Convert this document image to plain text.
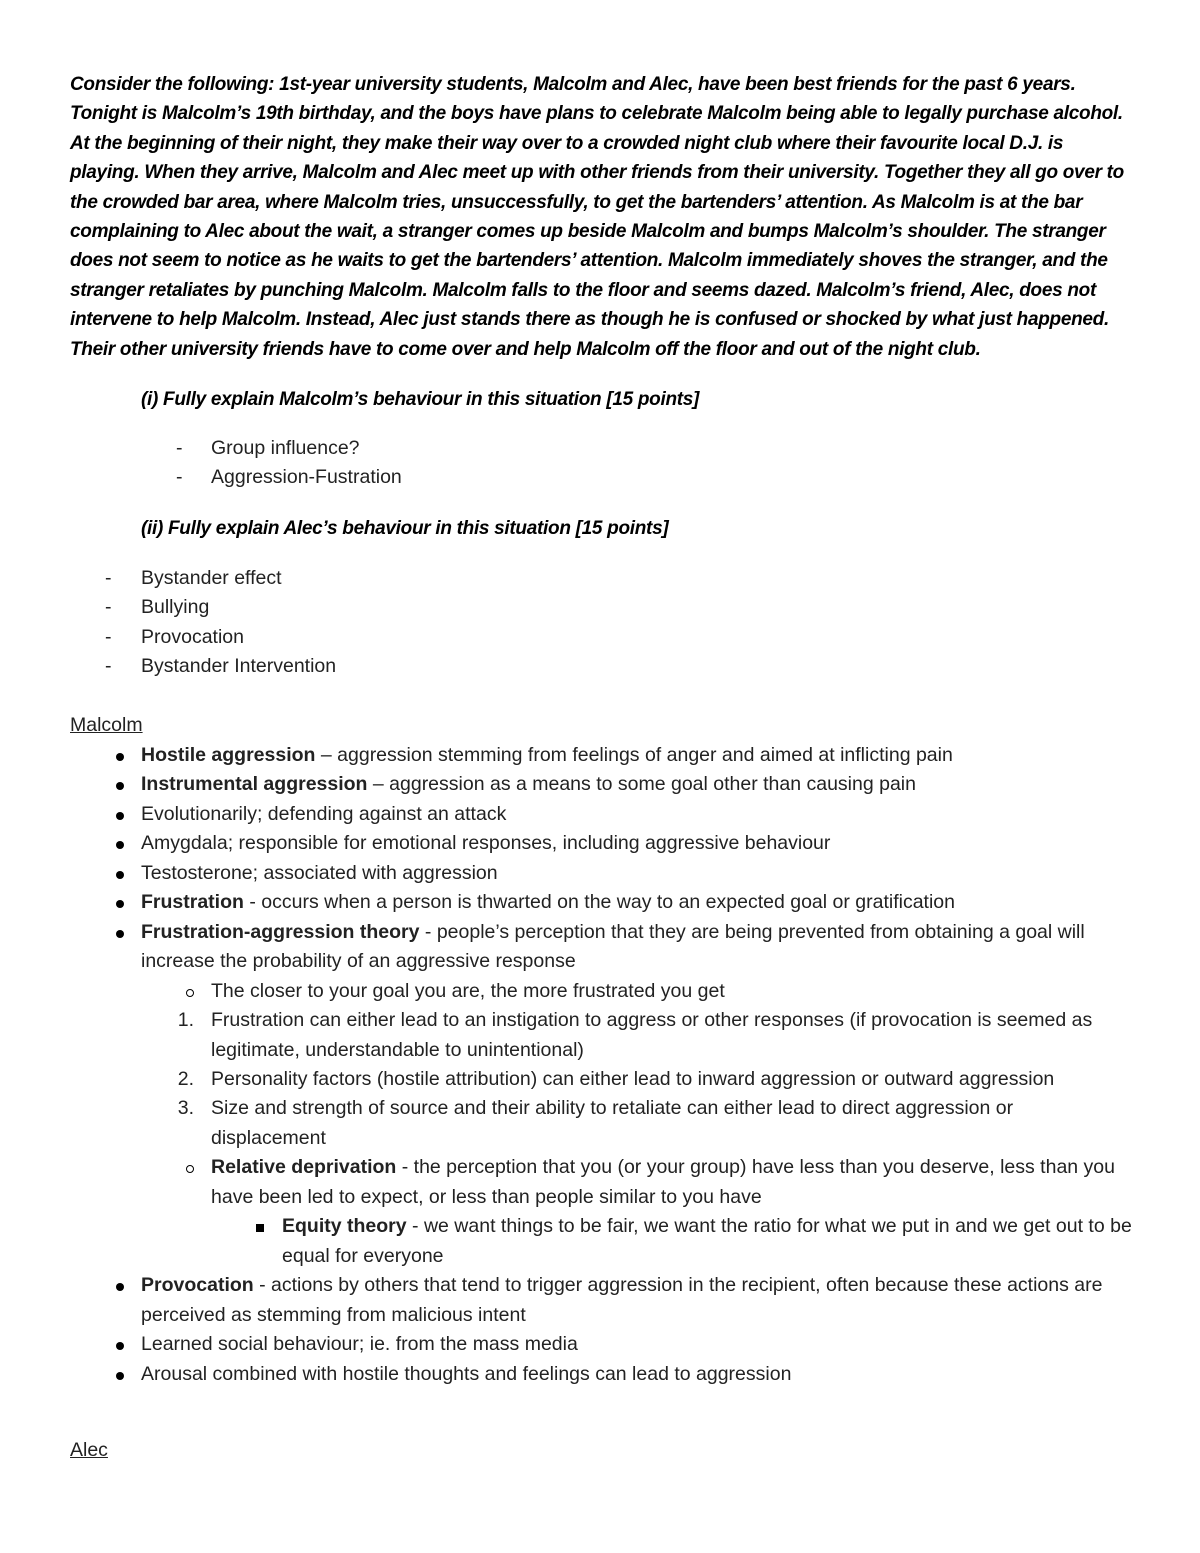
Consider the following: 1st-year university students, Malcolm and Alec, have been best friends for the past 6 years. Tonight is Malcolm’s 19th birthday, and the boys have plans to celebrate Malcolm being able to legally purchase alcohol. At the beginning of their night, they make their way over to a crowded night club where their favourite local D.J. is playing. When they arrive, Malcolm and Alec meet up with other friends from their university. Together they all go over to the crowded bar area, where Malcolm tries, unsuccessfully, to get the bartenders’ attention. As Malcolm is at the bar complaining to Alec about the wait, a stranger comes up beside Malcolm and bumps Malcolm’s shoulder. The stranger does not seem to notice as he waits to get the bartenders’ attention. Malcolm immediately shoves the stranger, and the stranger retaliates by punching Malcolm. Malcolm falls to the floor and seems dazed. Malcolm’s friend, Alec, does not intervene to help Malcolm. Instead, Alec just stands there as though he is confused or shocked by what just happened. Their other university friends have to come over and help Malcolm off the floor and out of the night club.
(i) Fully explain Malcolm’s behaviour in this situation [15 points]
- Group influence?
- Aggression-Fustration
(ii) Fully explain Alec’s behaviour in this situation [15 points]
- Bystander effect
- Bullying
- Provocation
- Bystander Intervention
Malcolm
Hostile aggression – aggression stemming from feelings of anger and aimed at inflicting pain
Instrumental aggression – aggression as a means to some goal other than causing pain
Evolutionarily; defending against an attack
Amygdala; responsible for emotional responses, including aggressive behaviour
Testosterone; associated with aggression
Frustration - occurs when a person is thwarted on the way to an expected goal or gratification
Frustration-aggression theory - people’s perception that they are being prevented from obtaining a goal will increase the probability of an aggressive response
The closer to your goal you are, the more frustrated you get
1. Frustration can either lead to an instigation to aggress or other responses (if provocation is seemed as legitimate, understandable to unintentional)
2. Personality factors (hostile attribution) can either lead to inward aggression or outward aggression
3. Size and strength of source and their ability to retaliate can either lead to direct aggression or displacement
Relative deprivation - the perception that you (or your group) have less than you deserve, less than you have been led to expect, or less than people similar to you have
Equity theory - we want things to be fair, we want the ratio for what we put in and we get out to be equal for everyone
Provocation - actions by others that tend to trigger aggression in the recipient, often because these actions are perceived as stemming from malicious intent
Learned social behaviour; ie. from the mass media
Arousal combined with hostile thoughts and feelings can lead to aggression
Alec
